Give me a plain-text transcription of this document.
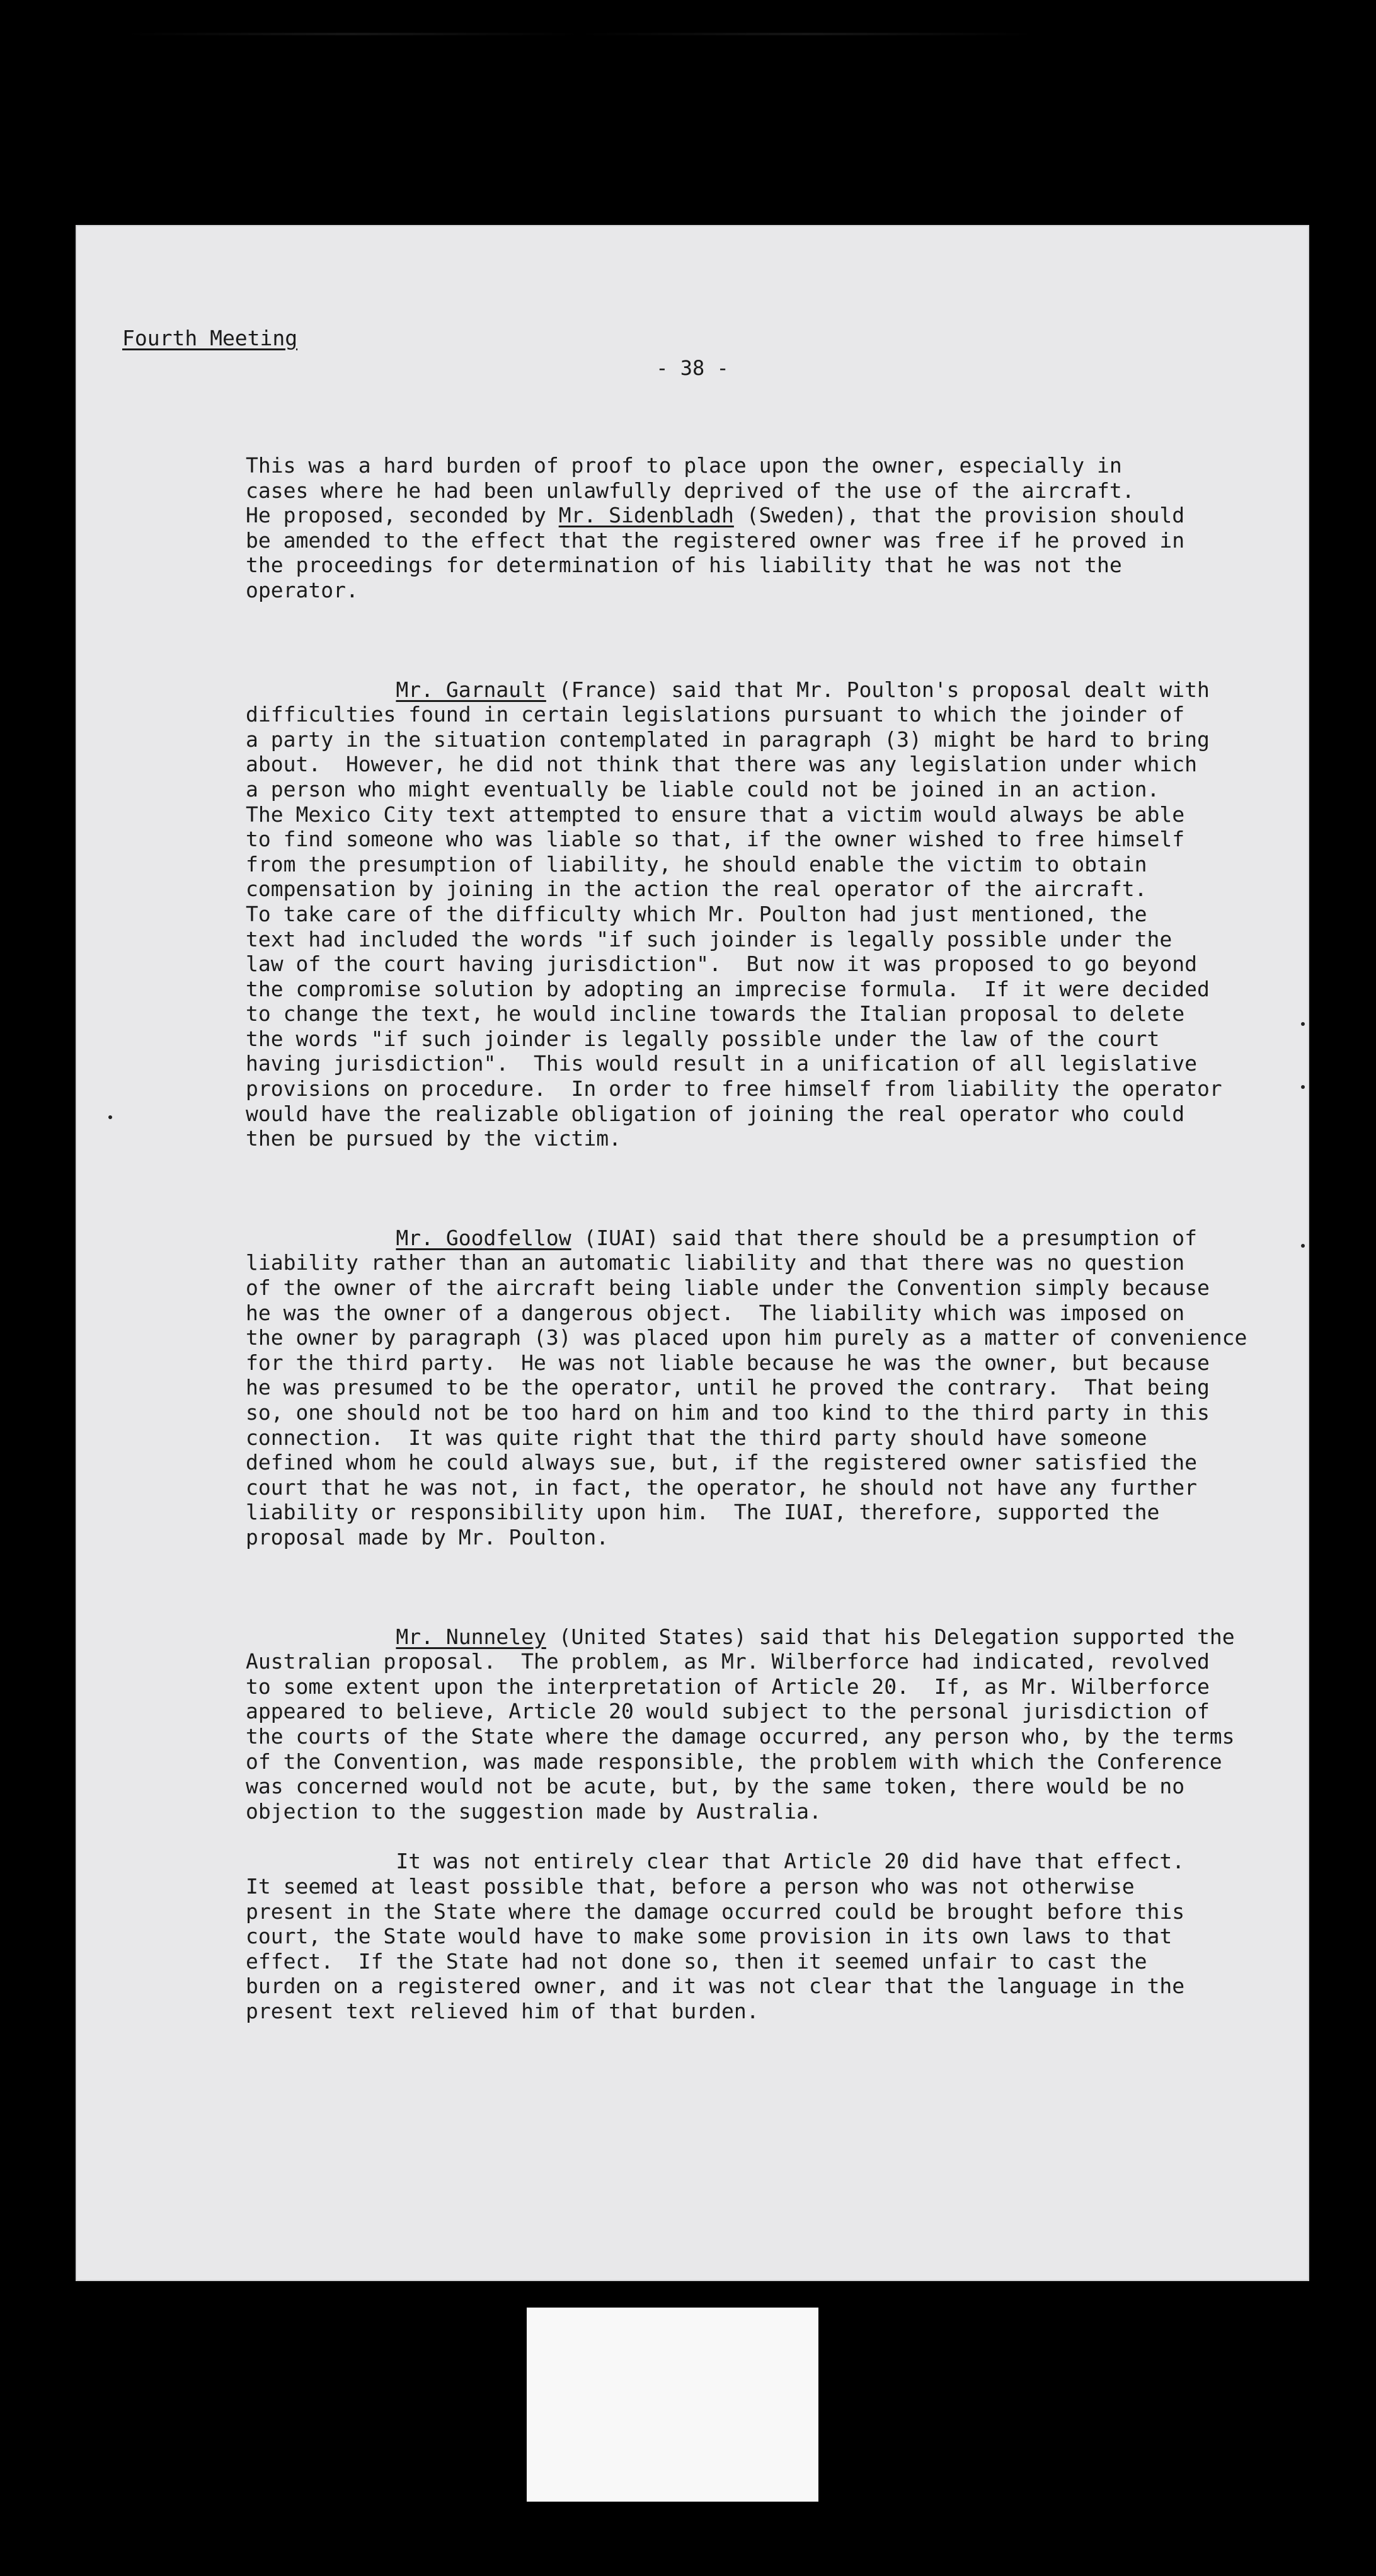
Fourth Meeting
- 38 -
This was a hard burden of proof to place upon the owner, especially in
cases where he had been unlawfully deprived of the use of the aircraft.
He proposed, seconded by Mr. Sidenbladh (Sweden), that the provision should
be amended to the effect that the registered owner was free if he proved in
the proceedings for determination of his liability that he was not the
operator.
Mr. Garnault (France) said that Mr. Poulton's proposal dealt with
difficulties found in certain legislations pursuant to which the joinder of
a party in the situation contemplated in paragraph (3) might be hard to bring
about.  However, he did not think that there was any legislation under which
a person who might eventually be liable could not be joined in an action.
The Mexico City text attempted to ensure that a victim would always be able
to find someone who was liable so that, if the owner wished to free himself
from the presumption of liability, he should enable the victim to obtain
compensation by joining in the action the real operator of the aircraft.
To take care of the difficulty which Mr. Poulton had just mentioned, the
text had included the words "if such joinder is legally possible under the
law of the court having jurisdiction".  But now it was proposed to go beyond
the compromise solution by adopting an imprecise formula.  If it were decided
to change the text, he would incline towards the Italian proposal to delete
the words "if such joinder is legally possible under the law of the court
having jurisdiction".  This would result in a unification of all legislative
provisions on procedure.  In order to free himself from liability the operator
would have the realizable obligation of joining the real operator who could
then be pursued by the victim.
Mr. Goodfellow (IUAI) said that there should be a presumption of
liability rather than an automatic liability and that there was no question
of the owner of the aircraft being liable under the Convention simply because
he was the owner of a dangerous object.  The liability which was imposed on
the owner by paragraph (3) was placed upon him purely as a matter of convenience
for the third party.  He was not liable because he was the owner, but because
he was presumed to be the operator, until he proved the contrary.  That being
so, one should not be too hard on him and too kind to the third party in this
connection.  It was quite right that the third party should have someone
defined whom he could always sue, but, if the registered owner satisfied the
court that he was not, in fact, the operator, he should not have any further
liability or responsibility upon him.  The IUAI, therefore, supported the
proposal made by Mr. Poulton.
Mr. Nunneley (United States) said that his Delegation supported the
Australian proposal.  The problem, as Mr. Wilberforce had indicated, revolved
to some extent upon the interpretation of Article 20.  If, as Mr. Wilberforce
appeared to believe, Article 20 would subject to the personal jurisdiction of
the courts of the State where the damage occurred, any person who, by the terms
of the Convention, was made responsible, the problem with which the Conference
was concerned would not be acute, but, by the same token, there would be no
objection to the suggestion made by Australia.
It was not entirely clear that Article 20 did have that effect.
It seemed at least possible that, before a person who was not otherwise
present in the State where the damage occurred could be brought before this
court, the State would have to make some provision in its own laws to that
effect.  If the State had not done so, then it seemed unfair to cast the
burden on a registered owner, and it was not clear that the language in the
present text relieved him of that burden.
